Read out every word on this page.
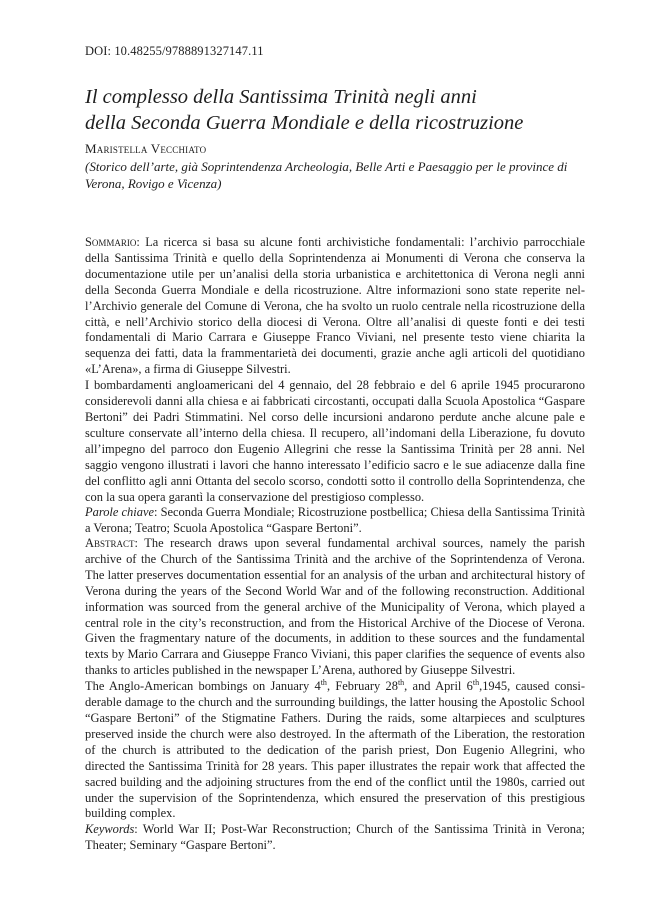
DOI: 10.48255/9788891327147.11
Il complesso della Santissima Trinità negli anni
della Seconda Guerra Mondiale e della ricostruzione
Maristella Vecchiato
(Storico dell’arte, già Soprintendenza Archeologia, Belle Arti e Paesaggio per le province di Verona, Rovigo e Vicenza)

Sommario: La ricerca si basa su alcune fonti archivistiche fondamentali: l’archivio parrocchiale della Santissima Trinità e quello della Soprintendenza ai Monumenti di Verona che conserva la documentazione utile per un’analisi della storia urbanistica e architettonica di Verona negli anni della Seconda Guerra Mondiale e della ricostruzione. Altre informazioni sono state reperite nell’Archivio generale del Comune di Verona, che ha svolto un ruolo centrale nella ricostruzione della città, e nell’Archivio storico della diocesi di Verona. Oltre all’analisi di queste fonti e dei testi fondamentali di Mario Carrara e Giuseppe Franco Viviani, nel presente testo viene chiarita la sequenza dei fatti, data la frammentarietà dei documenti, grazie anche agli articoli del quotidiano «L’Arena», a firma di Giuseppe Silvestri.

I bombardamenti angloamericani del 4 gennaio, del 28 febbraio e del 6 aprile 1945 procurarono considerevoli danni alla chiesa e ai fabbricati circostanti, occupati dalla Scuola Apostolica “Gaspare Bertoni” dei Padri Stimmatini. Nel corso delle incursioni andarono perdute anche alcune pale e sculture conservate all’interno della chiesa. Il recupero, all’indomani della Liberazione, fu dovuto all’impegno del parroco don Eugenio Allegrini che resse la Santissima Trinità per 28 anni. Nel saggio vengono illustrati i lavori che hanno interessato l’edificio sacro e le sue adiacenze dalla fine del conflitto agli anni Ottanta del secolo scorso, condotti sotto il controllo della Soprintendenza, che con la sua opera garantì la conservazione del prestigioso complesso.

Parole chiave: Seconda Guerra Mondiale; Ricostruzione postbellica; Chiesa della Santissima Trinità a Verona; Teatro; Scuola Apostolica “Gaspare Bertoni”.

Abstract: The research draws upon several fundamental archival sources, namely the parish archive of the Church of the Santissima Trinità and the archive of the Soprintendenza of Verona. The latter preserves documentation essential for an analysis of the urban and architectural history of Verona during the years of the Second World War and of the following reconstruction. Additional information was sourced from the general archive of the Municipality of Verona, which played a central role in the city’s reconstruction, and from the Historical Archive of the Diocese of Verona. Given the fragmentary nature of the documents, in addition to these sources and the fundamental texts by Mario Carrara and Giuseppe Franco Viviani, this paper clarifies the sequence of events also thanks to articles published in the newspaper L’Arena, authored by Giuseppe Silvestri.

The Anglo-American bombings on January 4th, February 28th, and April 6th,1945, caused considerable damage to the church and the surrounding buildings, the latter housing the Apostolic School “Gaspare Bertoni” of the Stigmatine Fathers. During the raids, some altarpieces and sculptures preserved inside the church were also destroyed. In the aftermath of the Liberation, the restoration of the church is attributed to the dedication of the parish priest, Don Eugenio Allegrini, who directed the Santissima Trinità for 28 years. This paper illustrates the repair work that affected the sacred building and the adjoining structures from the end of the conflict until the 1980s, carried out under the supervision of the Soprintendenza, which ensured the preservation of this prestigious building complex.

Keywords: World War II; Post-War Reconstruction; Church of the Santissima Trinità in Verona; Theater; Seminary “Gaspare Bertoni”.
